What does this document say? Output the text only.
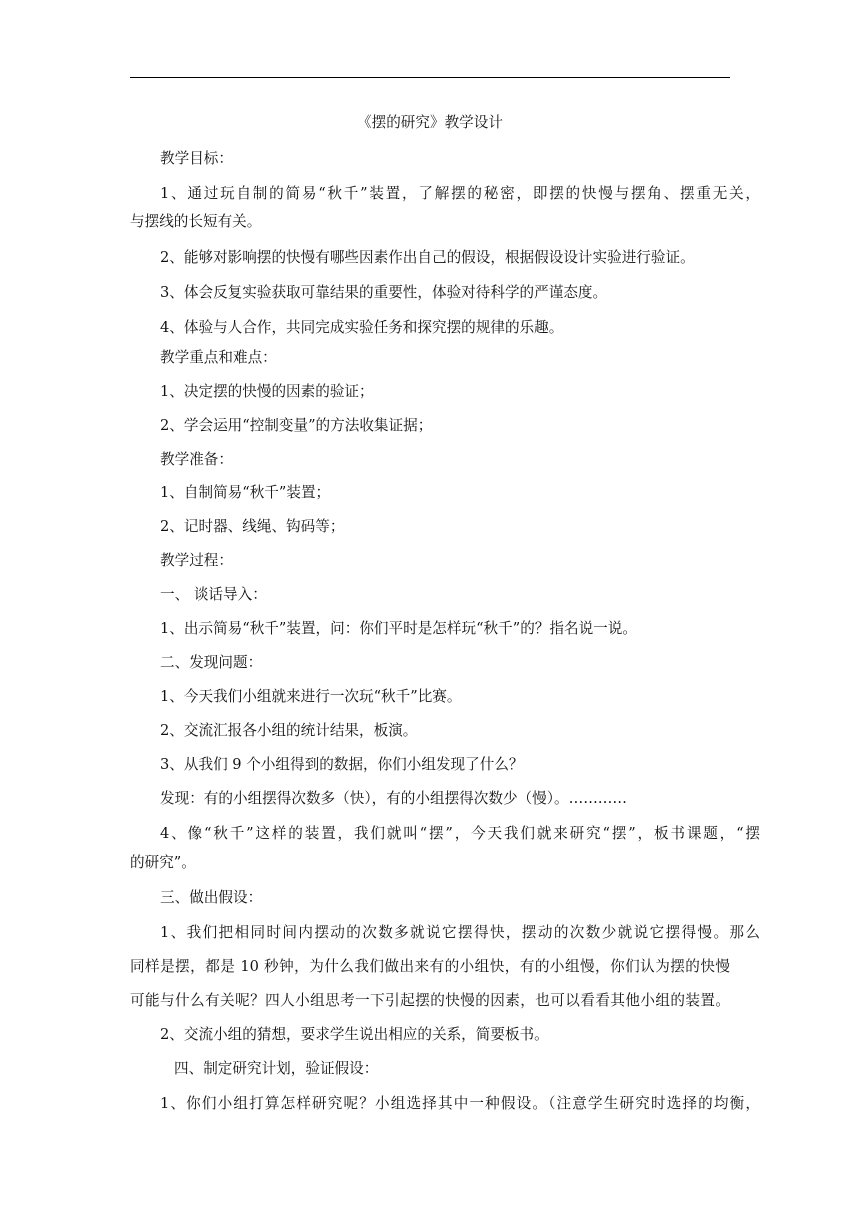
《摆的研究》教学设计
教学目标：
1、通过玩自制的简易“秋千”装置，了解摆的秘密，即摆的快慢与摆角、摆重无关，
与摆线的长短有关。
2、能够对影响摆的快慢有哪些因素作出自己的假设，根据假设设计实验进行验证。
3、体会反复实验获取可靠结果的重要性，体验对待科学的严谨态度。
4、体验与人合作，共同完成实验任务和探究摆的规律的乐趣。
教学重点和难点：
1、决定摆的快慢的因素的验证；
2、学会运用“控制变量”的方法收集证据；
教学准备：
1、自制简易“秋千”装置；
2、记时器、线绳、钩码等；
教学过程：
一、 谈话导入：
1、出示简易“秋千”装置，问：你们平时是怎样玩“秋千”的？指名说一说。
二、发现问题：
1、今天我们小组就来进行一次玩“秋千”比赛。
2、交流汇报各小组的统计结果，板演。
3、从我们 9 个小组得到的数据，你们小组发现了什么？
发现：有的小组摆得次数多（快），有的小组摆得次数少（慢）。…………
4、像“秋千”这样的装置，我们就叫“摆”，今天我们就来研究“摆”，板书课题，“摆
的研究”。
三、做出假设：
1、我们把相同时间内摆动的次数多就说它摆得快，摆动的次数少就说它摆得慢。那么
同样是摆，都是 10 秒钟，为什么我们做出来有的小组快，有的小组慢，你们认为摆的快慢
可能与什么有关呢？四人小组思考一下引起摆的快慢的因素，也可以看看其他小组的装置。
2、交流小组的猜想，要求学生说出相应的关系，简要板书。
四、制定研究计划，验证假设：
1、你们小组打算怎样研究呢？小组选择其中一种假设。（注意学生研究时选择的均衡，
